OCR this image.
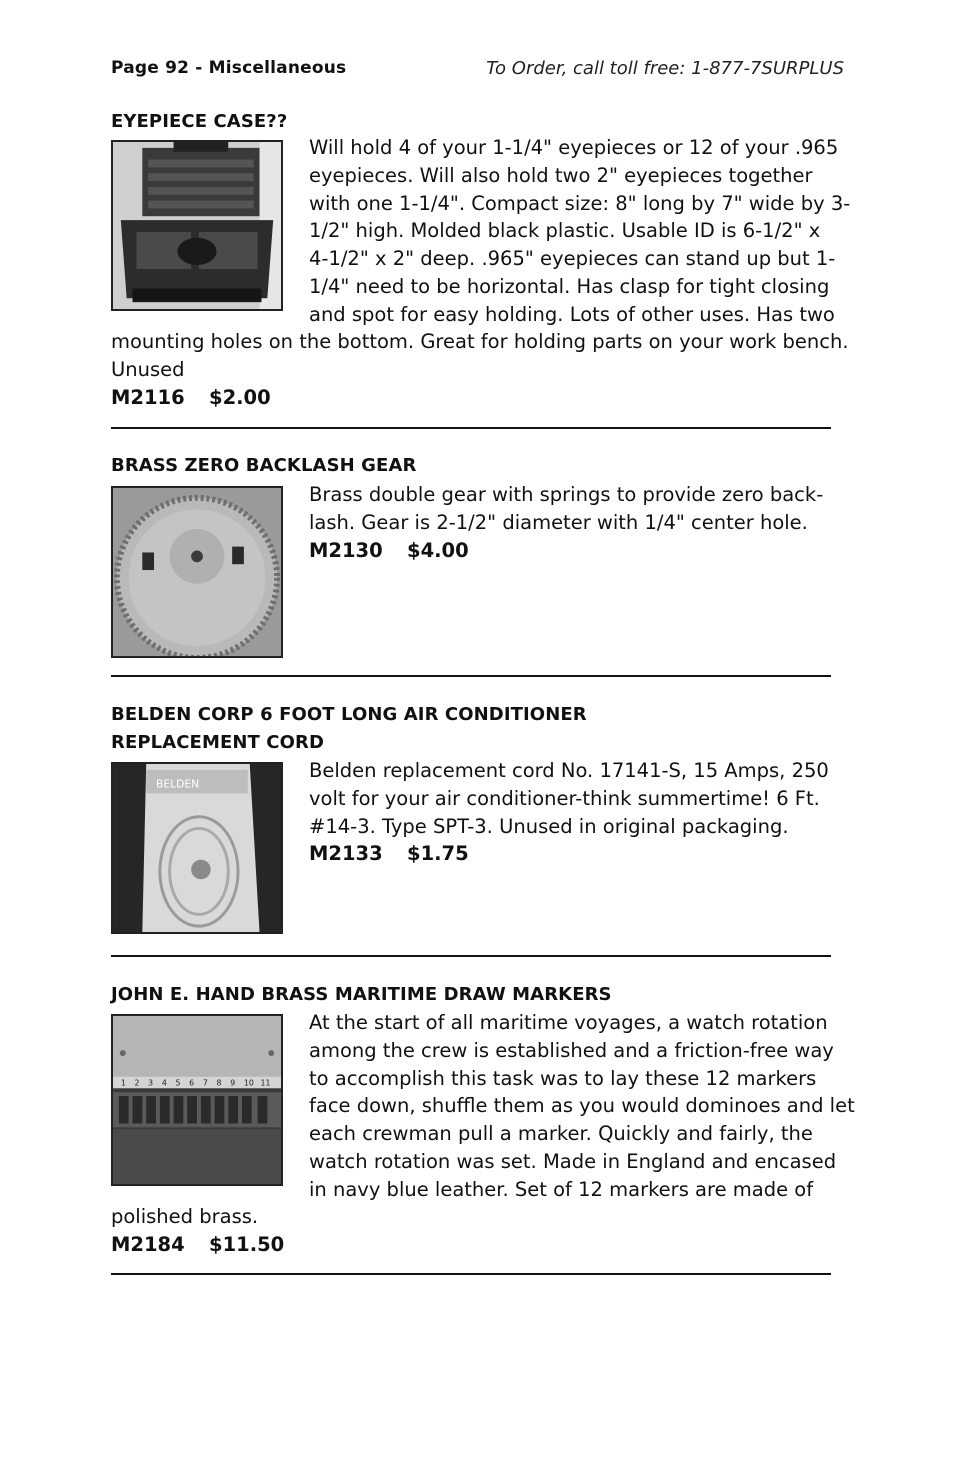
Page 92 - Miscellaneous	To Order, call toll free: 1-877-7SURPLUS
EYEPIECE CASE??
Will hold 4 of your 1-1/4" eyepieces or 12 of your .965
eyepieces. Will also hold two 2" eyepieces together
with one 1-1/4". Compact size: 8" long by 7" wide by 3-
1/2" high. Molded black plastic. Usable ID is 6-1/2" x
4-1/2" x 2" deep. .965" eyepieces can stand up but 1-
1/4" need to be horizontal. Has clasp for tight closing
and spot for easy holding. Lots of other uses. Has two
mounting holes on the bottom. Great for holding parts on your work bench.
Unused
M2116 $2.00
BRASS ZERO BACKLASH GEAR
Brass double gear with springs to provide zero back-
lash. Gear is 2-1/2" diameter with 1/4" center hole.
M2130 $4.00
BELDEN CORP 6 FOOT LONG AIR CONDITIONER
REPLACEMENT CORD
BELDEN
Belden replacement cord No. 17141-S, 15 Amps, 250
volt for your air conditioner-think summertime! 6 Ft.
#14-3. Type SPT-3. Unused in original packaging.
M2133 $1.75
JOHN E. HAND BRASS MARITIME DRAW MARKERS
1 2 3 4 5 6 7 8 9 10 11
At the start of all maritime voyages, a watch rotation
among the crew is established and a friction-free way
to accomplish this task was to lay these 12 markers
face down, shuffle them as you would dominoes and let
each crewman pull a marker. Quickly and fairly, the
watch rotation was set. Made in England and encased
in navy blue leather. Set of 12 markers are made of
polished brass.
M2184 $11.50
